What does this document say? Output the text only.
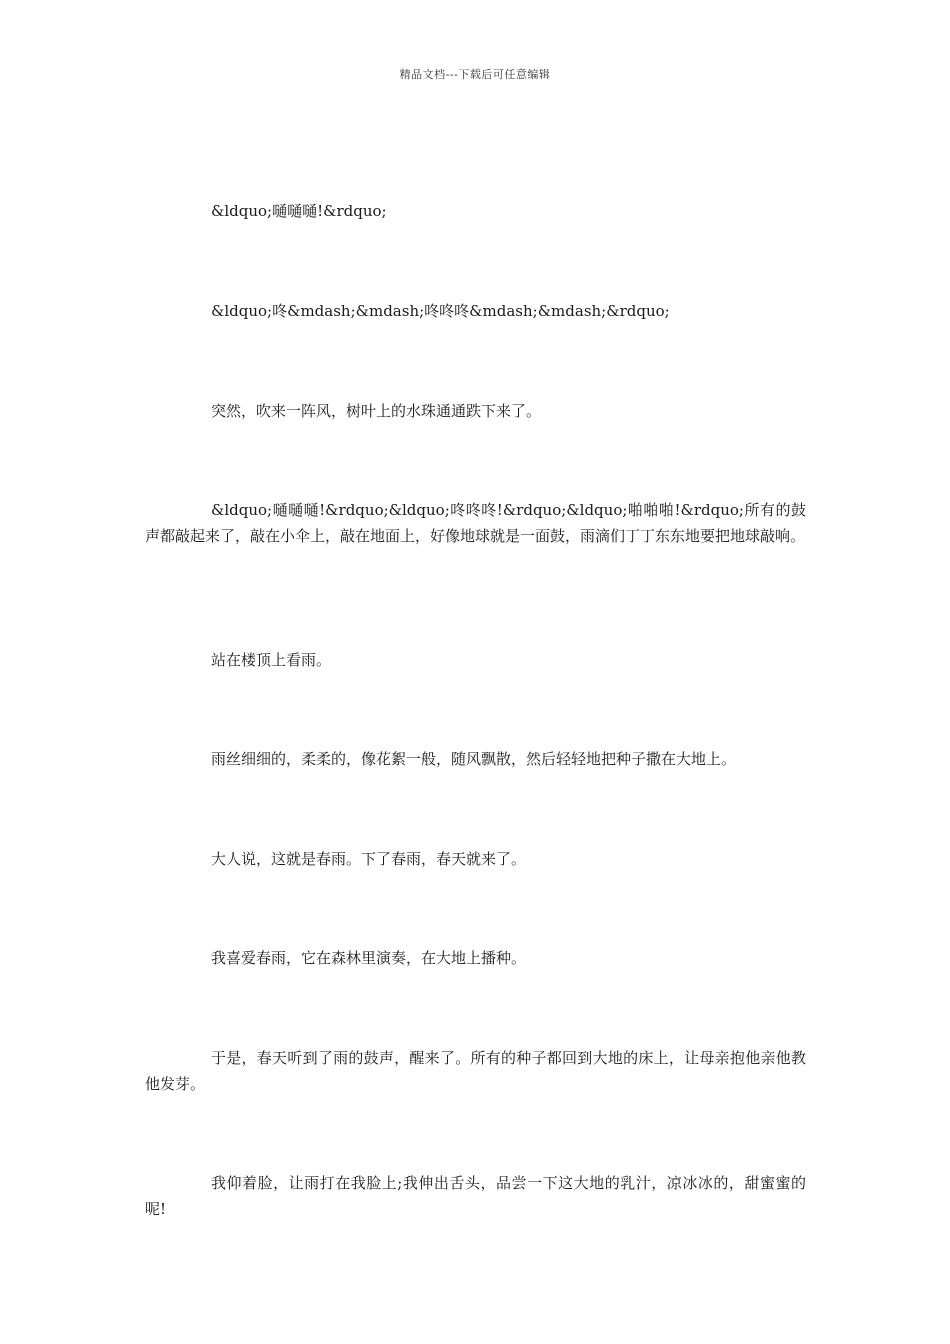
精品文档---下载后可任意编辑

&ldquo;嗵嗵嗵!&rdquo;

&ldquo;咚&mdash;&mdash;咚咚咚&mdash;&mdash;&rdquo;

突然，吹来一阵风，树叶上的水珠通通跌下来了。

&ldquo;嗵嗵嗵!&rdquo;&ldquo;咚咚咚!&rdquo;&ldquo;啪啪啪!&rdquo;所有的鼓声都敲起来了，敲在小伞上，敲在地面上，好像地球就是一面鼓，雨滴们丁丁东东地要把地球敲响。

站在楼顶上看雨。

雨丝细细的，柔柔的，像花絮一般，随风飘散，然后轻轻地把种子撒在大地上。

大人说，这就是春雨。下了春雨，春天就来了。

我喜爱春雨，它在森林里演奏，在大地上播种。

于是，春天听到了雨的鼓声，醒来了。所有的种子都回到大地的床上，让母亲抱他亲他教他发芽。

我仰着脸，让雨打在我脸上;我伸出舌头，品尝一下这大地的乳汁，凉冰冰的，甜蜜蜜的呢!
